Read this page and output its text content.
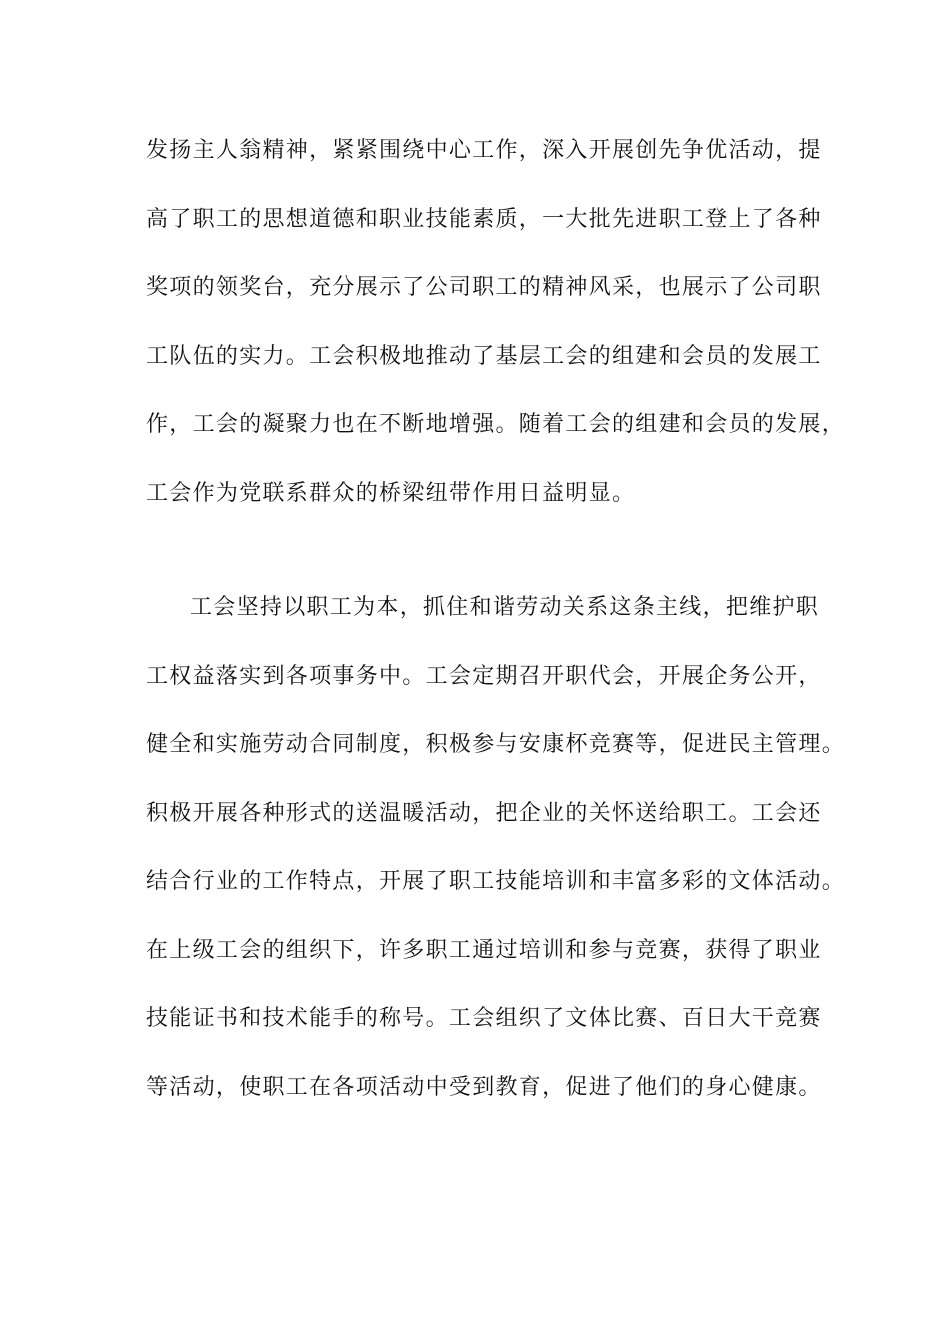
发扬主人翁精神，紧紧围绕中心工作，深入开展创先争优活动，提
高了职工的思想道德和职业技能素质，一大批先进职工登上了各种
奖项的领奖台，充分展示了公司职工的精神风采，也展示了公司职
工队伍的实力。工会积极地推动了基层工会的组建和会员的发展工
作，工会的凝聚力也在不断地增强。随着工会的组建和会员的发展，
工会作为党联系群众的桥梁纽带作用日益明显。
工会坚持以职工为本，抓住和谐劳动关系这条主线，把维护职
工权益落实到各项事务中。工会定期召开职代会，开展企务公开，
健全和实施劳动合同制度，积极参与安康杯竞赛等，促进民主管理。
积极开展各种形式的送温暖活动，把企业的关怀送给职工。工会还
结合行业的工作特点，开展了职工技能培训和丰富多彩的文体活动。
在上级工会的组织下，许多职工通过培训和参与竞赛，获得了职业
技能证书和技术能手的称号。工会组织了文体比赛、百日大干竞赛
等活动，使职工在各项活动中受到教育，促进了他们的身心健康。
